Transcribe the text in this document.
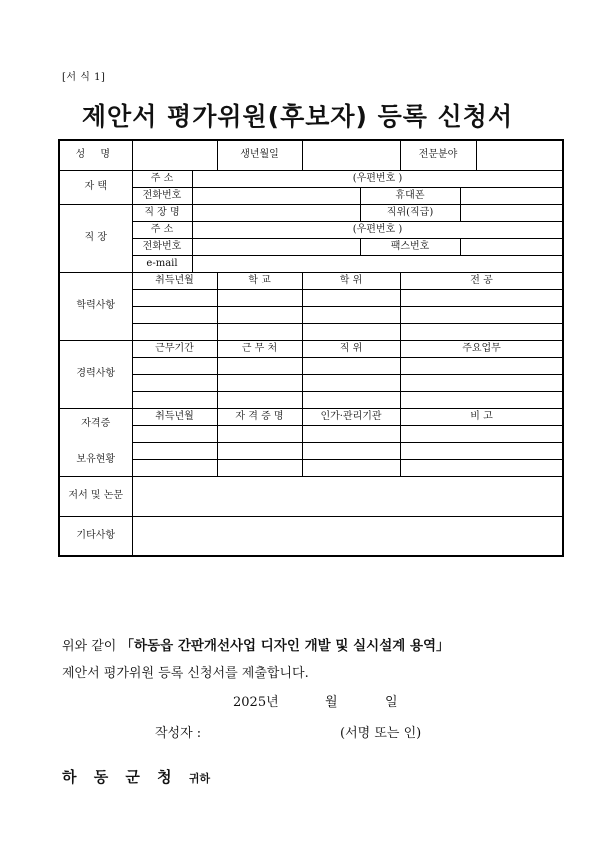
[서 식 1]
제안서 평가위원(후보자) 등록 신청서
성 명			생년월일			전문분야		
자 택	주 소	(우편번호 )						
	전화번호				휴대폰			
직 장	직 장 명				직위(직급)			
	주 소	(우편번호 )						
	전화번호				팩스번호			
	e-mail							
학력사항	취득년월		학 교	학 위		전 공		

경력사항	근무기간		근 무 처	직 위		주요업무		

자격증

보유현황	취득년월		자 격 증 명	인가·관리기관		비 고		

저서 및 논문								
기타사항								
위와 같이 「하동읍 간판개선사업 디자인 개발 및 실시설계 용역」
제안서 평가위원 등록 신청서를 제출합니다.
2025년	월	일
작성자 :	(서명 또는 인)
하 동 군 청 귀하
